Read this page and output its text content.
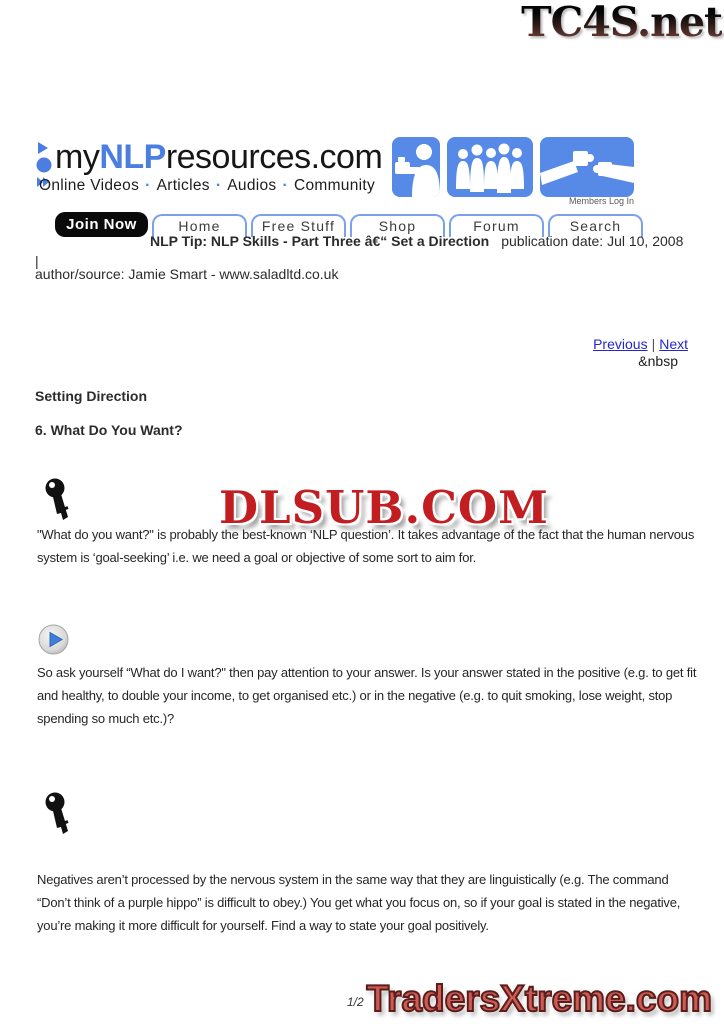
TC4S.net
myNLPresources.com
Online Videos · Articles · Audios · Community
Members Log In
Join Now	Home	Free Stuff	Shop	Forum	Search
NLP Tip: NLP Skills - Part Three â€“ Set a Direction publication date: Jul 10, 2008
|
author/source: Jamie Smart - www.saladltd.co.uk
Previous | Next
&nbsp
Setting Direction
6. What Do You Want?
DLSUB.COM
"What do you want?" is probably the best-known ‘NLP question’. It takes advantage of the fact that the human nervous system is ‘goal-seeking’ i.e. we need a goal or objective of some sort to aim for.
So ask yourself “What do I want?" then pay attention to your answer. Is your answer stated in the positive (e.g. to get fit and healthy, to double your income, to get organised etc.) or in the negative (e.g. to quit smoking, lose weight, stop spending so much etc.)?
Negatives aren’t processed by the nervous system in the same way that they are linguistically (e.g. The command “Don’t think of a purple hippo” is difficult to obey.) You get what you focus on, so if your goal is stated in the negative, you’re making it more difficult for yourself. Find a way to state your goal positively.
1/2 TradersXtreme.com
